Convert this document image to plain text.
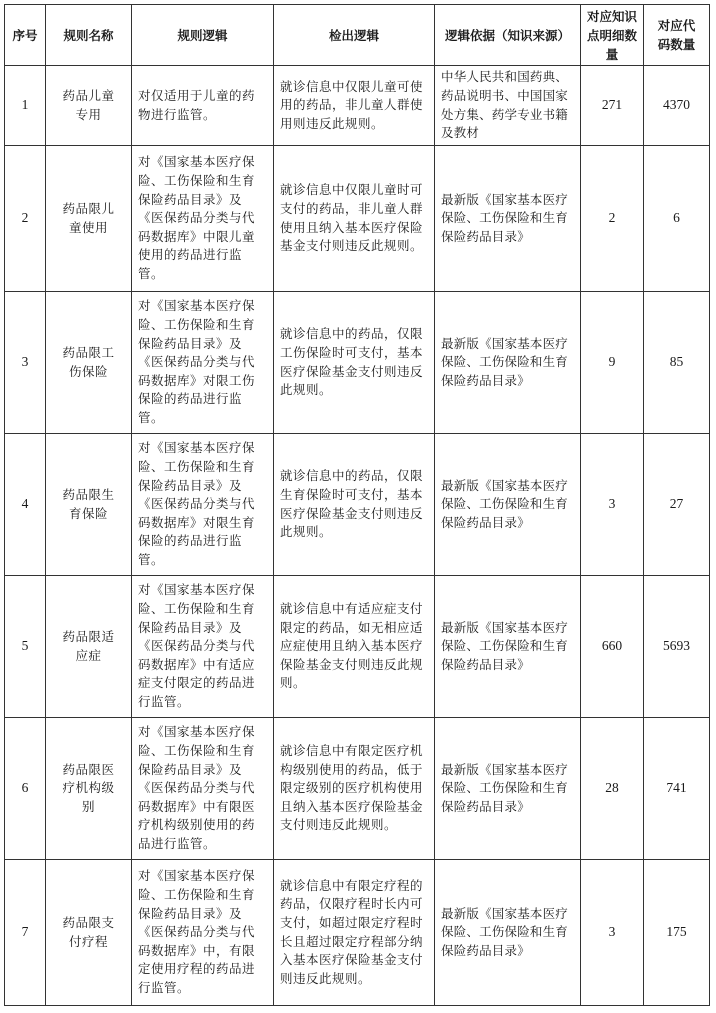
序号	规则名称	规则逻辑	检出逻辑	逻辑依据（知识来源）	对应知识点明细数量	对应代码数量
1	药品儿童专用	对仅适用于儿童的药物进行监管。	就诊信息中仅限儿童可使用的药品，非儿童人群使用则违反此规则。	中华人民共和国药典、药品说明书、中国国家处方集、药学专业书籍及教材	271	4370
2	药品限儿童使用	对《国家基本医疗保险、工伤保险和生育保险药品目录》及《医保药品分类与代码数据库》中限儿童使用的药品进行监管。	就诊信息中仅限儿童时可支付的药品，非儿童人群使用且纳入基本医疗保险基金支付则违反此规则。	最新版《国家基本医疗保险、工伤保险和生育保险药品目录》	2	6
3	药品限工伤保险	对《国家基本医疗保险、工伤保险和生育保险药品目录》及《医保药品分类与代码数据库》对限工伤保险的药品进行监管。	就诊信息中的药品，仅限工伤保险时可支付，基本医疗保险基金支付则违反此规则。	最新版《国家基本医疗保险、工伤保险和生育保险药品目录》	9	85
4	药品限生育保险	对《国家基本医疗保险、工伤保险和生育保险药品目录》及《医保药品分类与代码数据库》对限生育保险的药品进行监管。	就诊信息中的药品，仅限生育保险时可支付，基本医疗保险基金支付则违反此规则。	最新版《国家基本医疗保险、工伤保险和生育保险药品目录》	3	27
5	药品限适应症	对《国家基本医疗保险、工伤保险和生育保险药品目录》及《医保药品分类与代码数据库》中有适应症支付限定的药品进行监管。	就诊信息中有适应症支付限定的药品，如无相应适应症使用且纳入基本医疗保险基金支付则违反此规则。	最新版《国家基本医疗保险、工伤保险和生育保险药品目录》	660	5693
6	药品限医疗机构级别	对《国家基本医疗保险、工伤保险和生育保险药品目录》及《医保药品分类与代码数据库》中有限医疗机构级别使用的药品进行监管。	就诊信息中有限定医疗机构级别使用的药品，低于限定级别的医疗机构使用且纳入基本医疗保险基金支付则违反此规则。	最新版《国家基本医疗保险、工伤保险和生育保险药品目录》	28	741
7	药品限支付疗程	对《国家基本医疗保险、工伤保险和生育保险药品目录》及《医保药品分类与代码数据库》中，有限定使用疗程的药品进行监管。	就诊信息中有限定疗程的药品，仅限疗程时长内可支付，如超过限定疗程时长且超过限定疗程部分纳入基本医疗保险基金支付则违反此规则。	最新版《国家基本医疗保险、工伤保险和生育保险药品目录》	3	175
